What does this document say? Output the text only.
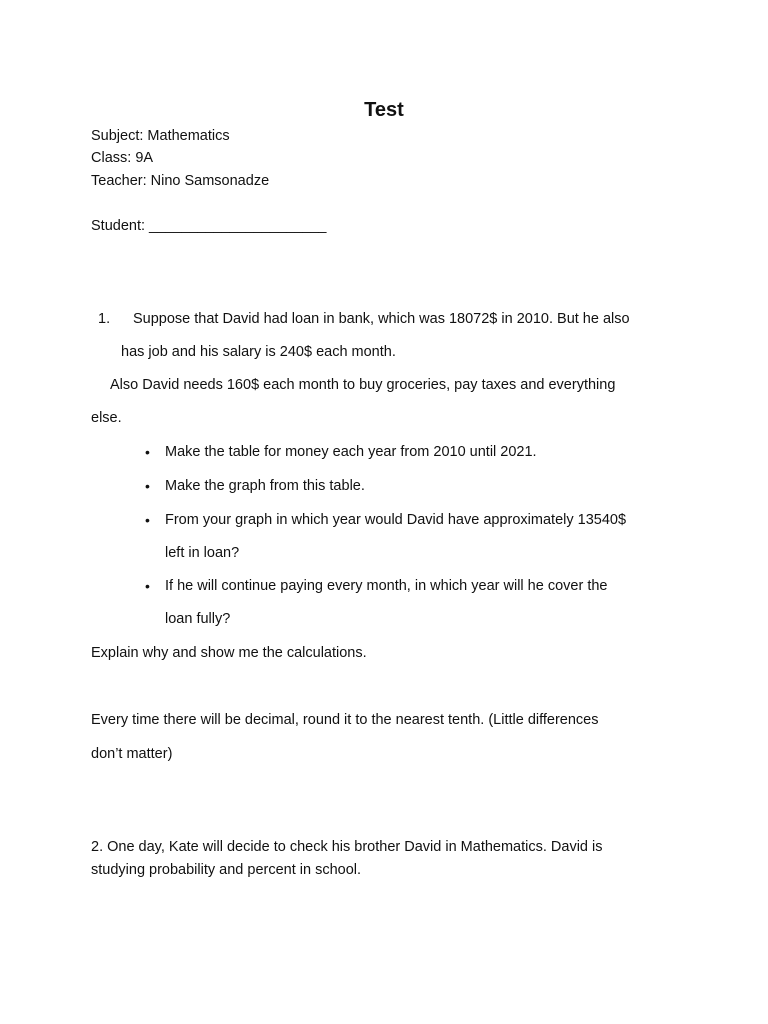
Test
Subject: Mathematics
Class: 9A
Teacher: Nino Samsonadze
Student: ______________________
1. Suppose that David had loan in bank, which was 18072$ in 2010. But he also
has job and his salary is 240$ each month.
Also David needs 160$ each month to buy groceries, pay taxes and everything
else.
• Make the table for money each year from 2010 until 2021.
• Make the graph from this table.
• From your graph in which year would David have approximately 13540$
left in loan?
• If he will continue paying every month, in which year will he cover the
loan fully?
Explain why and show me the calculations.
Every time there will be decimal, round it to the nearest tenth. (Little differences
don’t matter)
2. One day, Kate will decide to check his brother David in Mathematics. David is
studying probability and percent in school.
